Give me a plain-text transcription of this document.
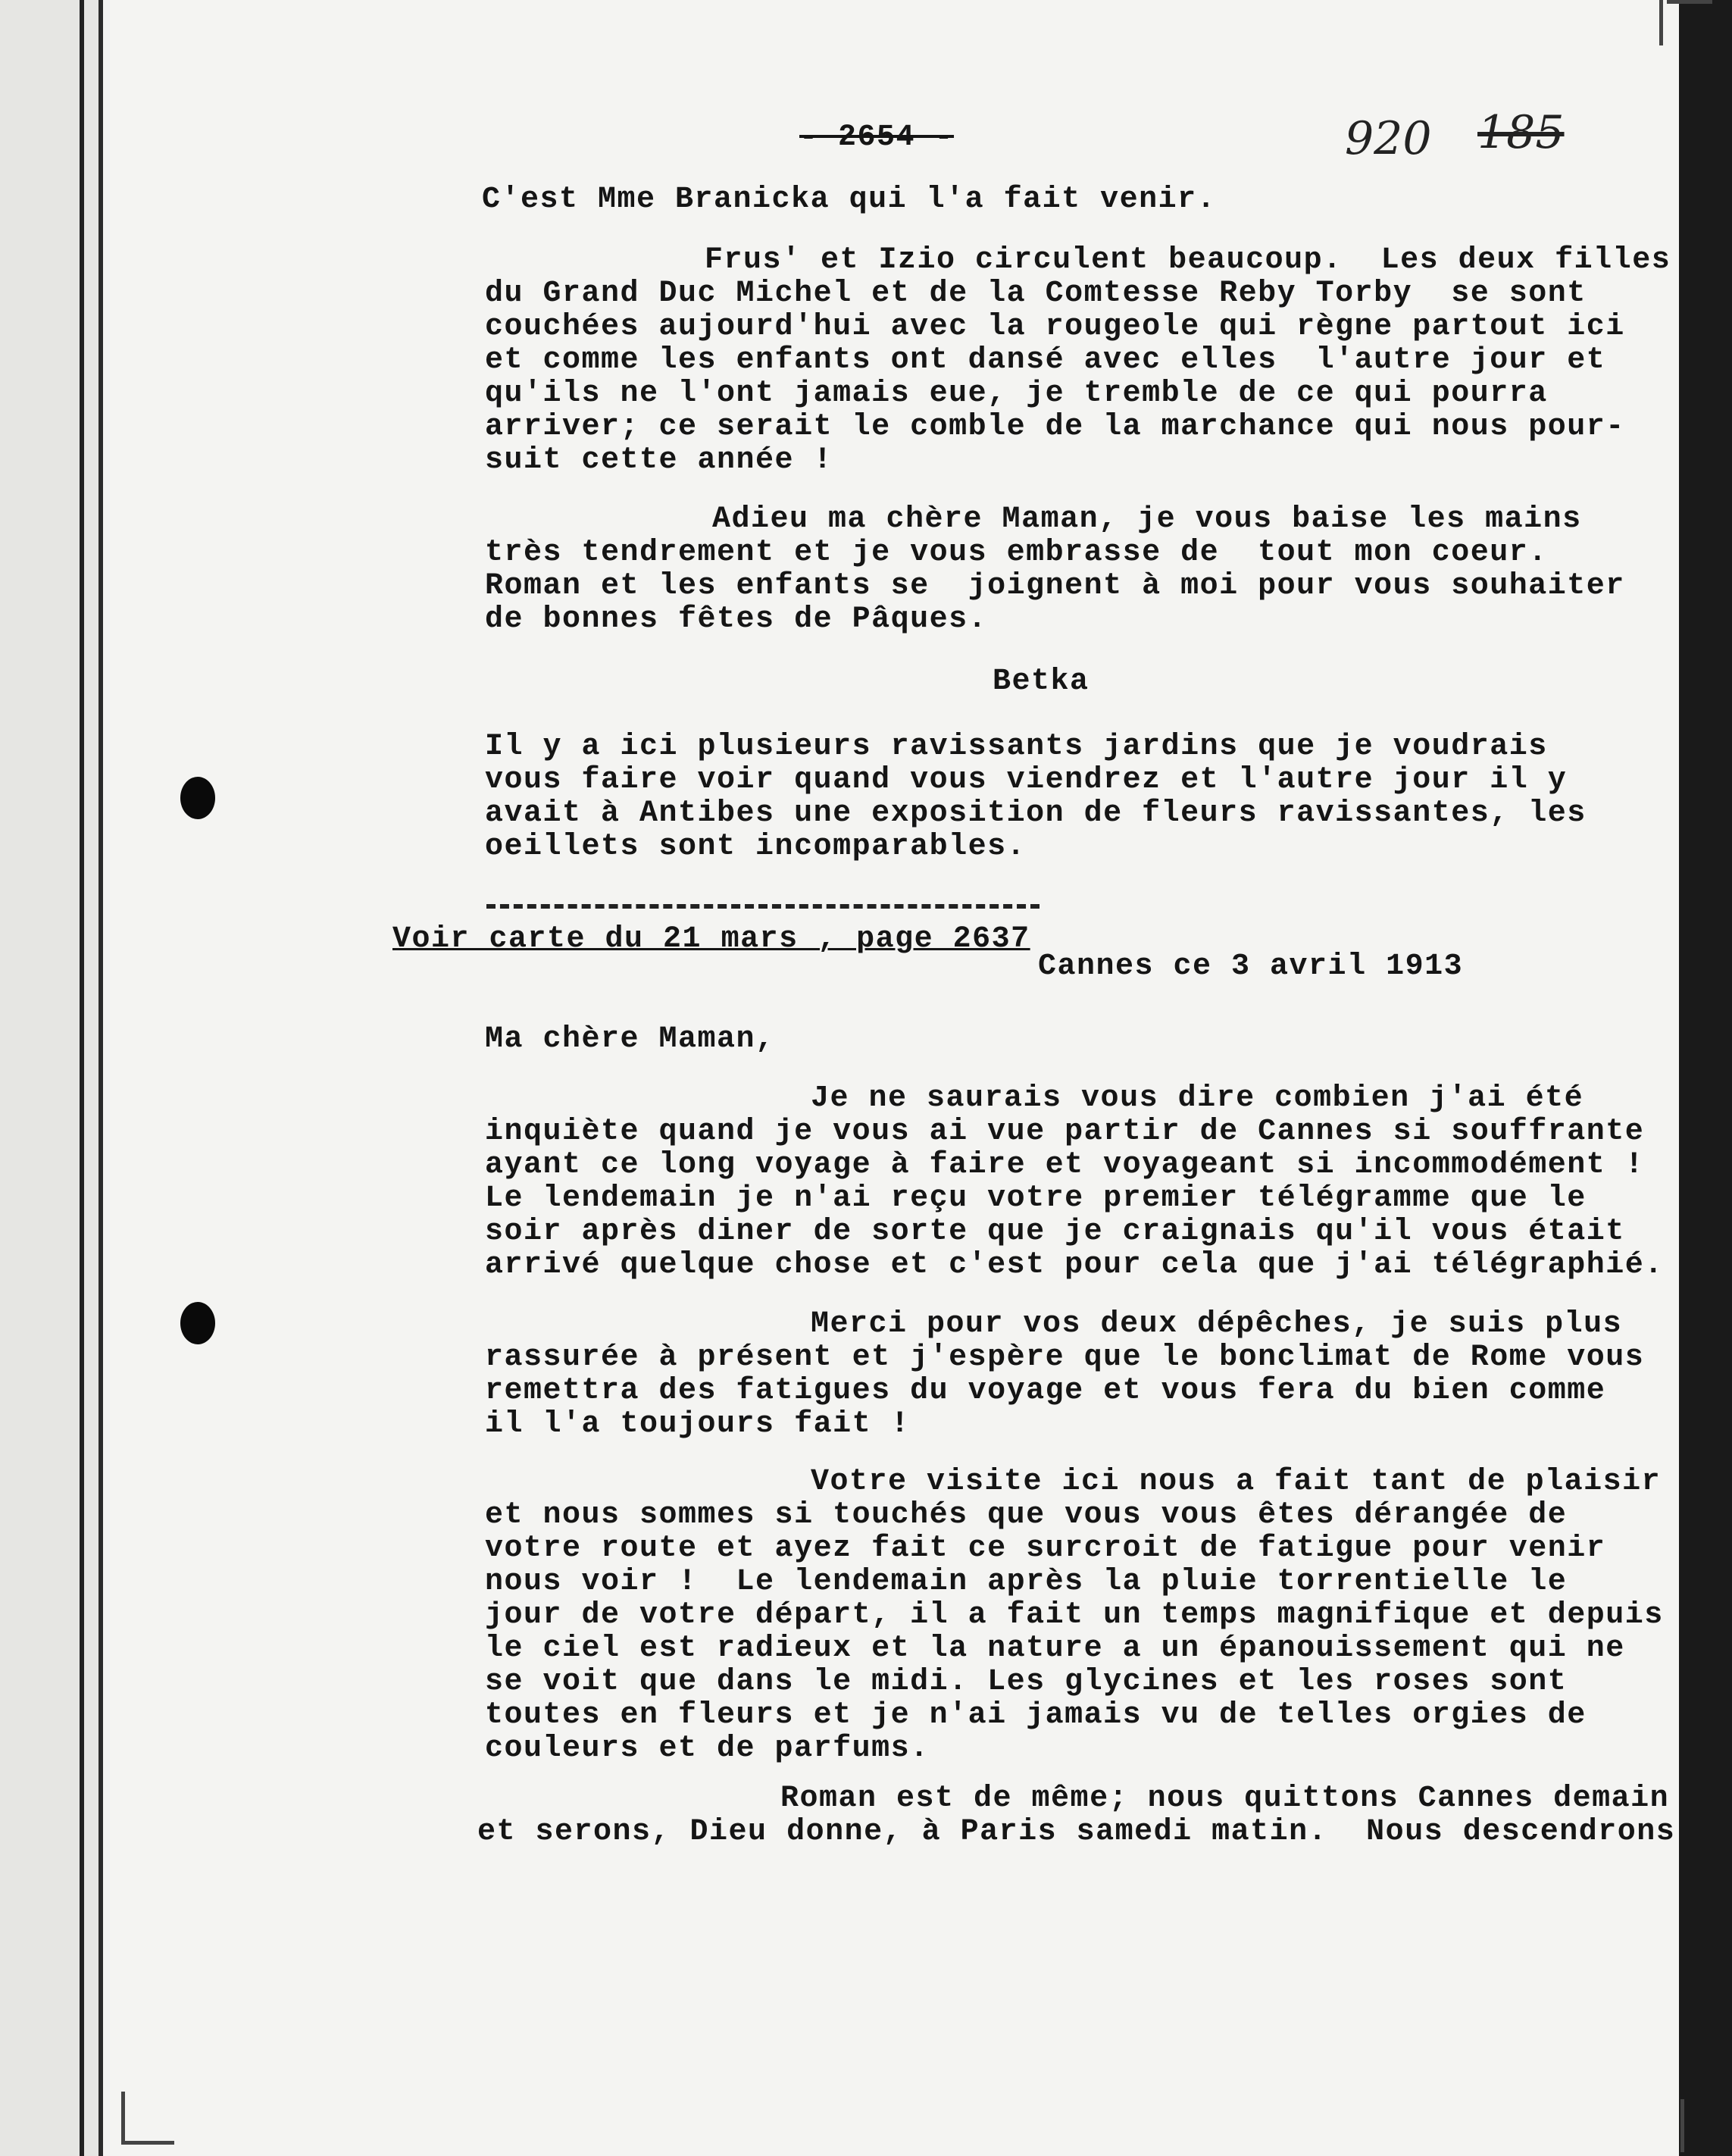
- 2654 -	920 185
C'est Mme Branicka qui l'a fait venir.
Frus' et Izio circulent beaucoup.  Les deux filles
du Grand Duc Michel et de la Comtesse Reby Torby  se sont
couchées aujourd'hui avec la rougeole qui règne partout ici
et comme les enfants ont dansé avec elles  l'autre jour et
qu'ils ne l'ont jamais eue, je tremble de ce qui pourra
arriver; ce serait le comble de la marchance qui nous pour-
suit cette année !
Adieu ma chère Maman, je vous baise les mains
très tendrement et je vous embrasse de  tout mon coeur.
Roman et les enfants se  joignent à moi pour vous souhaiter
de bonnes fêtes de Pâques.
Betka
Il y a ici plusieurs ravissants jardins que je voudrais
vous faire voir quand vous viendrez et l'autre jour il y
avait à Antibes une exposition de fleurs ravissantes, les
oeillets sont incomparables.
Voir carte du 21 mars , page 2637
Cannes ce 3 avril 1913
Ma chère Maman,
Je ne saurais vous dire combien j'ai été
inquiète quand je vous ai vue partir de Cannes si souffrante
ayant ce long voyage à faire et voyageant si incommodément !
Le lendemain je n'ai reçu votre premier télégramme que le
soir après diner de sorte que je craignais qu'il vous était
arrivé quelque chose et c'est pour cela que j'ai télégraphié.
Merci pour vos deux dépêches, je suis plus
rassurée à présent et j'espère que le bonclimat de Rome vous
remettra des fatigues du voyage et vous fera du bien comme
il l'a toujours fait !
Votre visite ici nous a fait tant de plaisir
et nous sommes si touchés que vous vous êtes dérangée de
votre route et ayez fait ce surcroit de fatigue pour venir
nous voir !  Le lendemain après la pluie torrentielle le
jour de votre départ, il a fait un temps magnifique et depuis
le ciel est radieux et la nature a un épanouissement qui ne
se voit que dans le midi. Les glycines et les roses sont
toutes en fleurs et je n'ai jamais vu de telles orgies de
couleurs et de parfums.
Roman est de même; nous quittons Cannes demain
et serons, Dieu donne, à Paris samedi matin.  Nous descendrons
